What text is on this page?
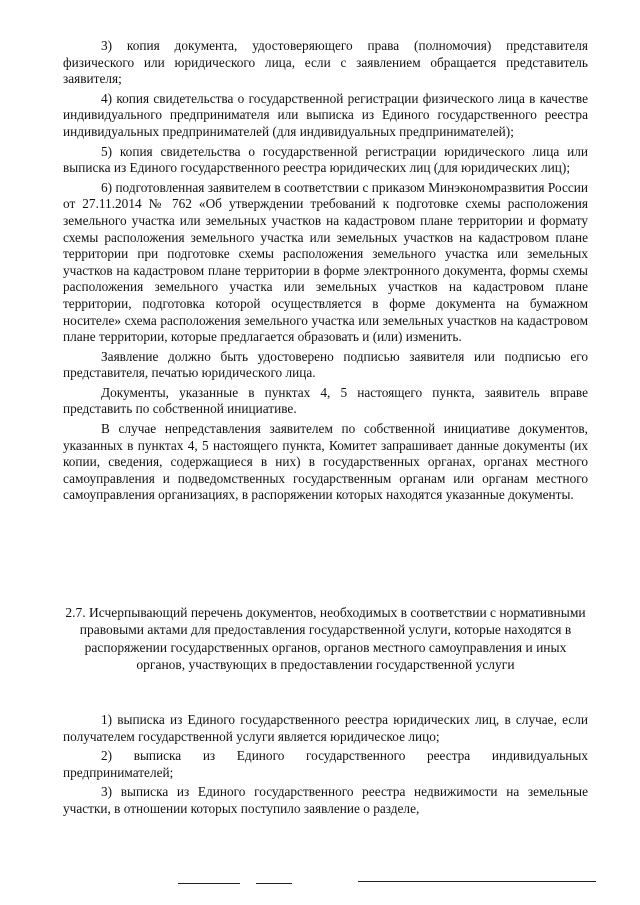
3) копия документа, удостоверяющего права (полномочия) представителя физического или юридического лица, если с заявлением обращается представитель заявителя;

4) копия свидетельства о государственной регистрации физического лица в качестве индивидуального предпринимателя или выписка из Единого государственного реестра индивидуальных предпринимателей (для индивидуальных предпринимателей);

5) копия свидетельства о государственной регистрации юридического лица или выписка из Единого государственного реестра юридических лиц (для юридических лиц);

6) подготовленная заявителем в соответствии с приказом Минэкономразвития России от 27.11.2014 № 762 «Об утверждении требований к подготовке схемы расположения земельного участка или земельных участков на кадастровом плане территории и формату схемы расположения земельного участка или земельных участков на кадастровом плане территории при подготовке схемы расположения земельного участка или земельных участков на кадастровом плане территории в форме электронного документа, формы схемы расположения земельного участка или земельных участков на кадастровом плане территории, подготовка которой осуществляется в форме документа на бумажном носителе» схема расположения земельного участка или земельных участков на кадастровом плане территории, которые предлагается образовать и (или) изменить.

Заявление должно быть удостоверено подписью заявителя или подписью его представителя, печатью юридического лица.

Документы, указанные в пунктах 4, 5 настоящего пункта, заявитель вправе представить по собственной инициативе.

В случае непредставления заявителем по собственной инициативе документов, указанных в пунктах 4, 5 настоящего пункта, Комитет запрашивает данные документы (их копии, сведения, содержащиеся в них) в государственных органах, органах местного самоуправления и подведомственных государственным органам или органам местного самоуправления организациях, в распоряжении которых находятся указанные документы.

2.7. Исчерпывающий перечень документов, необходимых в соответствии с нормативными правовыми актами для предоставления государственной услуги, которые находятся в распоряжении государственных органов, органов местного самоуправления и иных органов, участвующих в предоставлении государственной услуги

1) выписка из Единого государственного реестра юридических лиц, в случае, если получателем государственной услуги является юридическое лицо;

2) выписка из Единого государственного реестра индивидуальных предпринимателей;

3) выписка из Единого государственного реестра недвижимости на земельные участки, в отношении которых поступило заявление о разделе,
